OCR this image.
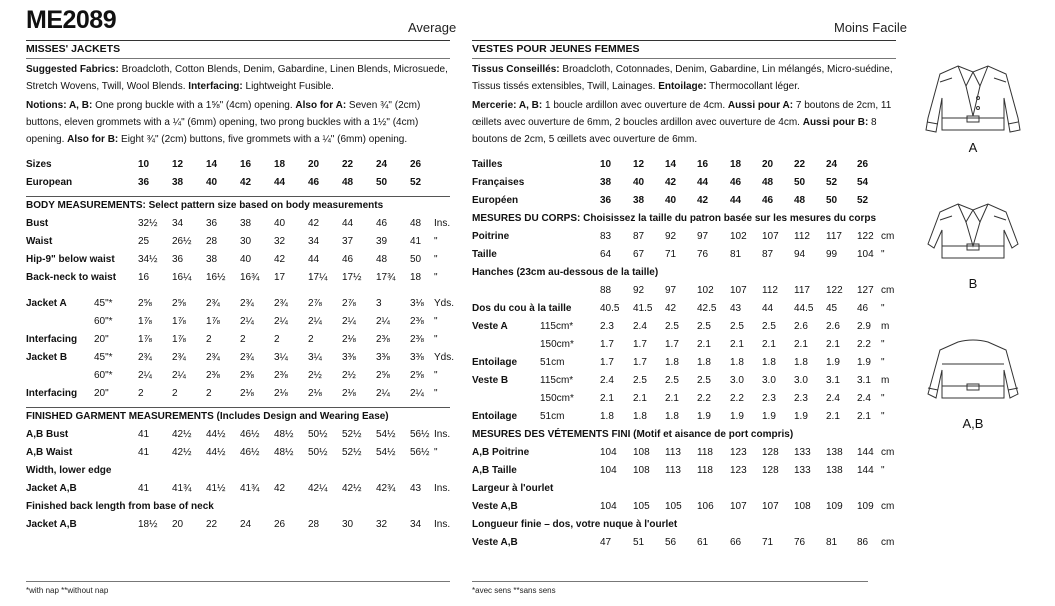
ME2089	Average
MISSES' JACKETS
Suggested Fabrics: Broadcloth, Cotton Blends, Denim, Gabardine, Linen Blends, Microsuede, Stretch Wovens, Twill, Wool Blends. Interfacing: Lightweight Fusible.
Notions: A, B: One prong buckle with a 1⅝" (4cm) opening. Also for A: Seven ¾" (2cm) buttons, eleven grommets with a ¼" (6mm) opening, two prong buckles with a 1½" (4cm) opening. Also for B: Eight ¾" (2cm) buttons, five grommets with a ¼" (6mm) opening.
Sizes		10	12	14	16	18	20	22	24	26	
European		36	38	40	42	44	46	48	50	52	

BODY MEASUREMENTS: Select pattern size based on body measurements											
Bust		32½	34	36	38	40	42	44	46	48	Ins.
Waist		25	26½	28	30	32	34	37	39	41	"
Hip-9" below waist		34½	36	38	40	42	44	46	48	50	"
Back-neck to waist		16	16¼	16½	16¾	17	17¼	17½	17¾	18	"

Jacket A	45"*	2⅝	2⅝	2¾	2¾	2¾	2⅞	2⅞	3	3⅛	Yds.
	60"*	1⅞	1⅞	1⅞	2¼	2¼	2¼	2¼	2¼	2⅜	"
Interfacing	20"	1⅞	1⅞	2	2	2	2	2⅛	2⅜	2⅜	"
Jacket B	45"*	2¾	2¾	2¾	2¾	3¼	3¼	3⅜	3⅜	3⅜	Yds.
	60"*	2¼	2¼	2⅜	2⅜	2⅜	2½	2½	2⅝	2⅝	"
Interfacing	20"	2	2	2	2⅛	2⅛	2⅛	2⅛	2¼	2¼	"

FINISHED GARMENT MEASUREMENTS (Includes Design and Wearing Ease)											
A,B Bust		41	42½	44½	46½	48½	50½	52½	54½	56½	Ins.
A,B Waist		41	42½	44½	46½	48½	50½	52½	54½	56½	"
Width, lower edge											
Jacket A,B		41	41¾	41½	41¾	42	42¼	42½	42¾	43	Ins.
Finished back length from base of neck											
Jacket A,B		18½	20	22	24	26	28	30	32	34	Ins.
Moins Facile
VESTES POUR JEUNES FEMMES
Tissus Conseillés: Broadcloth, Cotonnades, Denim, Gabardine, Lin mélangés, Micro-suédine, Tissus tissés extensibles, Twill, Lainages. Entoilage: Thermocollant léger.
Mercerie: A, B: 1 boucle ardillon avec ouverture de 4cm. Aussi pour A: 7 boutons de 2cm, 11 œillets avec ouverture de 6mm, 2 boucles ardillon avec ouverture de 4cm. Aussi pour B: 8 boutons de 2cm, 5 œillets avec ouverture de 6mm.
Tailles		10	12	14	16	18	20	22	24	26	
Françaises		38	40	42	44	46	48	50	52	54	
Européen		36	38	40	42	44	46	48	50	52	
MESURES DU CORPS: Choisissez la taille du patron basée sur les mesures du corps											
Poitrine		83	87	92	97	102	107	112	117	122	cm
Taille		64	67	71	76	81	87	94	99	104	"
Hanches (23cm au-dessous de la taille)											
		88	92	97	102	107	112	117	122	127	cm
Dos du cou à la taille		40.5	41.5	42	42.5	43	44	44.5	45	46	"
Veste A	115cm*	2.3	2.4	2.5	2.5	2.5	2.5	2.6	2.6	2.9	m
	150cm*	1.7	1.7	1.7	2.1	2.1	2.1	2.1	2.1	2.2	"
Entoilage	51cm	1.7	1.7	1.8	1.8	1.8	1.8	1.8	1.9	1.9	"
Veste B	115cm*	2.4	2.5	2.5	2.5	3.0	3.0	3.0	3.1	3.1	m
	150cm*	2.1	2.1	2.1	2.2	2.2	2.3	2.3	2.4	2.4	"
Entoilage	51cm	1.8	1.8	1.8	1.9	1.9	1.9	1.9	2.1	2.1	"
MESURES DES VÉTEMENTS FINI (Motif et aisance de port compris)											
A,B Poitrine		104	108	113	118	123	128	133	138	144	cm
A,B Taille		104	108	113	118	123	128	133	138	144	"
Largeur à l'ourlet											
Veste A,B		104	105	105	106	107	107	108	109	109	cm
Longueur finie – dos, votre nuque à l'ourlet											
Veste A,B		47	51	56	61	66	71	76	81	86	cm
*with nap **without nap	*avec sens **sans sens
A
B
A,B
